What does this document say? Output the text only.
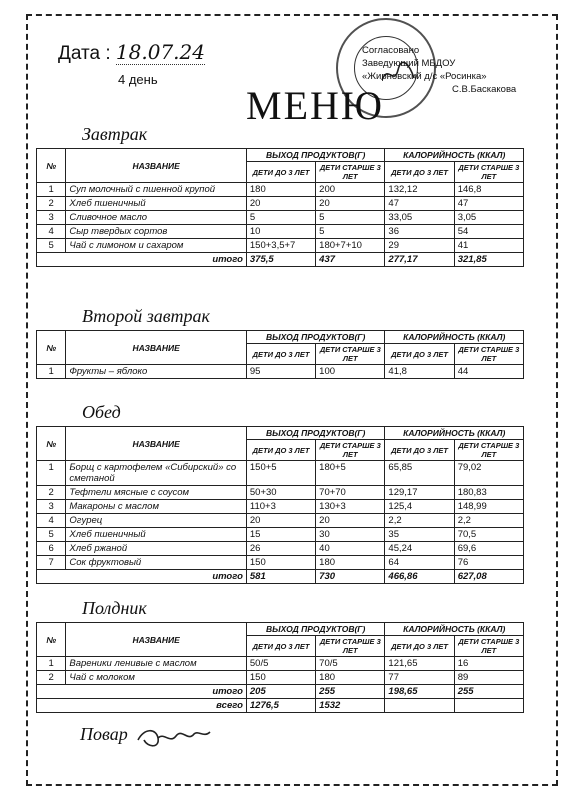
Дата : 18.07.24
4 день
Согласовано
Заведующий МБДОУ
«Жирновский д/с «Росинка»
С.В.Баскакова
МЕНЮ
Завтрак
№	НАЗВАНИЕ	ВЫХОД ПРОДУКТОВ(Г)		КАЛОРИЙНОСТЬ (ККАЛ)	
		ДЕТИ ДО 3 ЛЕТ	ДЕТИ СТАРШЕ 3 ЛЕТ	ДЕТИ ДО 3 ЛЕТ	ДЕТИ СТАРШЕ 3 ЛЕТ
1	Суп молочный с пшенной крупой	180	200	132,12	146,8
2	Хлеб пшеничный	20	20	47	47
3	Сливочное масло	5	5	33,05	3,05
4	Сыр твердых сортов	10	5	36	54
5	Чай с лимоном и сахаром	150+3,5+7	180+7+10	29	41
итого		375,5	437	277,17	321,85
Второй завтрак
№	НАЗВАНИЕ	ВЫХОД ПРОДУКТОВ(Г)		КАЛОРИЙНОСТЬ (ККАЛ)	
		ДЕТИ ДО 3 ЛЕТ	ДЕТИ СТАРШЕ 3 ЛЕТ	ДЕТИ ДО 3 ЛЕТ	ДЕТИ СТАРШЕ 3 ЛЕТ
1	Фрукты – яблоко	95	100	41,8	44
Обед
№	НАЗВАНИЕ	ВЫХОД ПРОДУКТОВ(Г)		КАЛОРИЙНОСТЬ (ККАЛ)	
		ДЕТИ ДО 3 ЛЕТ	ДЕТИ СТАРШЕ 3 ЛЕТ	ДЕТИ ДО 3 ЛЕТ	ДЕТИ СТАРШЕ 3 ЛЕТ
1	Борщ с картофелем «Сибирский» со сметаной	150+5	180+5	65,85	79,02
2	Тефтели мясные с соусом	50+30	70+70	129,17	180,83
3	Макароны с маслом	110+3	130+3	125,4	148,99
4	Огурец	20	20	2,2	2,2
5	Хлеб пшеничный	15	30	35	70,5
6	Хлеб ржаной	26	40	45,24	69,6
7	Сок фруктовый	150	180	64	76
итого		581	730	466,86	627,08
Полдник
№	НАЗВАНИЕ	ВЫХОД ПРОДУКТОВ(Г)		КАЛОРИЙНОСТЬ (ККАЛ)	
		ДЕТИ ДО 3 ЛЕТ	ДЕТИ СТАРШЕ 3 ЛЕТ	ДЕТИ ДО 3 ЛЕТ	ДЕТИ СТАРШЕ 3 ЛЕТ
1	Вареники ленивые с маслом	50/5	70/5	121,65	16
2	Чай с молоком	150	180	77	89
итого		205	255	198,65	255
всего		1276,5	1532		
Повар
